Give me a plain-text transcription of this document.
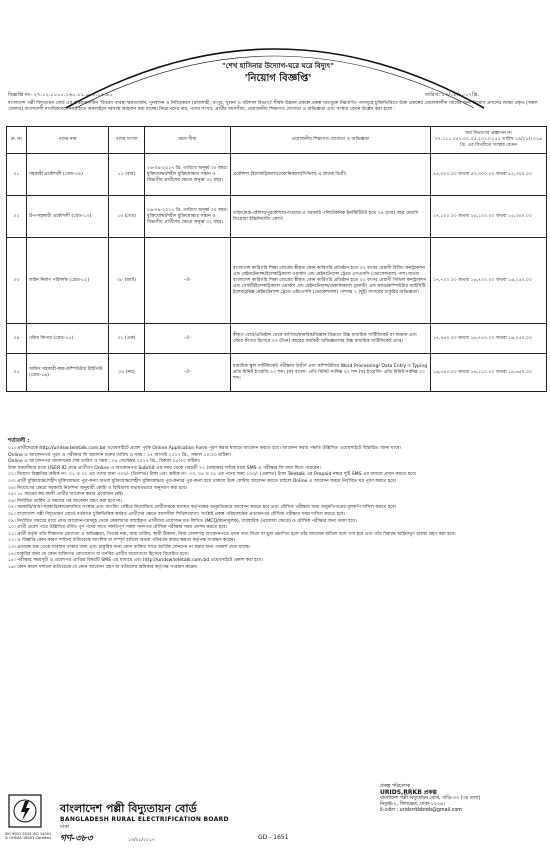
"শেখ হাসিনার উদ্যোগ-ঘরে ঘরে বিদ্যুৎ"
'নিয়োগ বিজ্ঞপ্তি'
বিজ্ঞপ্তি নং- ২৭.১২.০০০০.১৬০.১১.০০২.১৭.৯০	তারিখ: ১৩/০৮/২০১৭খ্রি.
বাংলাদেশ পল্লী বিদ্যুতায়ন বোর্ড এর বাস্তবায়নাধীন 'বিতরণ ব্যবস্থা ক্ষমতাবর্ধন, পুনর্বাসন ও নিবিড়করণ (রাজশাহী, রংপুর, খুলনা ও বরিশাল বিভাগ)' শীর্ষক উন্নয়ন প্রকল্পে প্রকল্প খাতভুক্ত নিম্নবর্ণিত পদসমূহে চুক্তিভিত্তিতে উক্ত প্রকল্পের মেয়াদকালীন সময়ের জন্য নিয়োগ প্রদানের লক্ষ্যে প্রকৃত (সকল জেলার) বাংলাদেশী নাগরিকদের নিকট হতে অনলাইনে দরখাস্ত আহবান করা যাচ্ছে। নিম্নে পদের নাম, পদের সংখ্যা, প্রার্থীর বয়সসীমা, প্রয়োজনীয় শিক্ষাগত যোগ্যতা ও অভিজ্ঞতা এবং সংস্থার বেতন উল্লেখ করা হলো :
ক্র. নং	পদের নাম	পদের সংখ্যা	বয়স সীমা	প্রয়োজনীয় শিক্ষাগত যোগ্যতা ও অভিজ্ঞতা	অর্থ বিভাগের প্রজ্ঞাপন নং ০৭.১১১.০৫১.০০.০৫.২০১৩-১৫২ তারিখ ১৪/০১/২০১৬ খ্রি. এর বিপরীতে সংস্থার বেতন
০১	সহকারী প্রকৌশলী (গ্রেড-০৯)	১২ (বার)	০৬-০৯-২০১৭ খ্রি. তারিখে অনূর্ধ্ব ৩০ বছর। মুক্তিযোদ্ধা/শহীদ মুক্তিযোদ্ধার সন্তান ও বিভাগীয় প্রার্থীদের ক্ষেত্রে অনূর্ধ্ব ৩২ বছর।	প্রকৌশল (ইলেকট্রিক্যাল/মেকানিক্যাল/সিভিল) এ স্নাতক ডিগ্রী।	৫৫,৩০০.০০ অথবা ৫৩,৩০০.০০ অথবা ৫২,৩০০.০০
০২	উপ-সহকারী প্রকৌশলী (গ্রেড-১০)	১৩ (তের)	০৬-০৯-২০১৭ খ্রি. তারিখে অনূর্ধ্ব ৩০ বছর। মুক্তিযোদ্ধা/শহীদ মুক্তিযোদ্ধার সন্তান ও বিভাগীয় প্রার্থীদের ক্ষেত্রে অনূর্ধ্ব ৩২ বছর।	তড়িৎ/যন্ত্র-কৌশল/পুরকৌশল/পাওয়ার এ সরকারি পলিটেকনিক ইনস্টিটিউট হতে ০৪ (চার) বছর মেয়াদি ডিপ্লোমা ইঞ্জিনিয়ারিং কোর্স।	২৭,১০০.০০ অথবা ২৬,১০০.০০ অথবা ২৫,৩০০.০০
০৩	লাইন নির্মাণ পরিদর্শক (গ্রেড-১২)	০৮ (আট)	-ঐ-	বাংলাদেশ কারিগরি শিক্ষা বোর্ডের স্বীকৃত কোন কারিগরি প্রতিষ্ঠান হতে ০২ বৎসর মেয়াদী বিল্ডিং কনস্ট্রাকশন এন্ড মেইনটেন্যান্স/ইলেকট্রিক্যাল ওয়ার্কস এন্ড মেইনটেন্যান্স ট্রেডে এসএসসি (ভোকেশনাল) পাশ। অথবা বাংলাদেশ কারিগরি শিক্ষা বোর্ডের স্বীকৃত কোন কারিগরি প্রতিষ্ঠান হতে ০২ বৎসর মেয়াদী সিভিল কনস্ট্রাকশন এন্ড সেফটি/ইলেকট্রিক্যাল ওয়ার্কস এন্ড মেইনটেন্যান্স/মেকানিক্যাল ড্রাফটিং এন্ড ক্যাড/কম্পিউটার আইসিটি ইলেকট্রনিক্স মেইনটেন্যান্স ট্রেডে এইচএসসি (ভোকেশনাল) পাশসহ ২ (দুই) বৎসরের চাকুরির অভিজ্ঞতা।	১৭,৭০০.০০ অথবা ১৬,৭০০.০০ অথবা ১৬,২৫০.০০
০৪	স্টোর কিপার (গ্রেড-১৫)	০১ (এক)	-ঐ-	স্বীকৃত বোর্ড/প্রতিষ্ঠান থেকে বাণিজ্য/মানবিক/বিজ্ঞান বিভাগে উচ্চ মাধ্যমিক সার্টিফিকেট বা সমমান এবং স্টোর কীপার হিসেবে ০৩ (তিন) বছরের কার্যকরী অভিজ্ঞতাসহ উচ্চ মাধ্যমিক সার্টিফিকেট প্রাপ্ত।	১৭,৭৫০.০০ অথবা ১৬,৭৫০.০০ অথবা ১৬,২৫০.০০
০৫	অফিস সহকারী-কাম-কম্পিউটার টাইপিস্ট (গ্রেড-১৬)	০৯ (নয়)	-ঐ-	মাধ্যমিক স্কুল সার্টিফিকেট পরীক্ষায় উত্তীর্ণ এবং কম্পিউটারে Word Processing/ Data Entry ও Typing প্রতি মিনিট ইংরেজি ২০ শব্দ। (ক) বাংলা- প্রতি মিনিট সর্বনিম্ন ২০ শব্দ (খ) ইংরেজি- প্রতি মিনিট সর্বনিম্ন ২০ শব্দ।	১৬,৫৪০.০০ অথবা ১৬,১১০.০০ অথবা ১৫,৬৫০.০০
শর্তাবলী :
০১। প্রার্থীদেরকে http://uridsw.teletalk.com.bd ওয়েবসাইটে প্রবেশ পূর্বক Online Application Form পূরণ করার মাধ্যমে আবেদন করতে হবে। আবেদন করার পদ্ধতি উল্লিখিত ওয়েবসাইটে বিস্তারিত জানা যাবে।
Online এ আবেদনপত্র পূরণ ও পরীক্ষার ফি জমাদান শুরুর তারিখ ও সময় : ১৭ আগস্ট ২০১৭ খ্রি., সকাল ১০:০০ ঘটিকা।
Online এ আবেদনপত্র জমাদানের শেষ তারিখ ও সময় : ০৬ সেপ্টেম্বর ২০১৭ খ্রি., বিকাল ০৫:০০ ঘটিকা।
উক্ত সময়সীমার মধ্যে USER ID প্রাপ্ত প্রার্থীগণ Online এ আবেদনপত্র Submit এর সময় থেকে পরবর্তী ৭২ (বাহাত্তর) ঘণ্টার মধ্যে SMS এ পরীক্ষার ফি জমা দিতে পারবেন।
০২। নিয়োগ বিজ্ঞপ্তির ক্রমিক নং- ০১ ও ০২ এর পদের জন্য ৩০০/- (তিনশত) টাকা এবং ক্রমিক নং- ০৩, ০৪ ও ০৫ এর পদের জন্য ১০০/- (একশত) টাকা Teletalk এর Prepaid নম্বরে দুটি SMS এর মাধ্যমে প্রদান করতে হবে।
০৩। প্রার্থী মুক্তিযোদ্ধা/শহীদ মুক্তিযোদ্ধার পুত্র-কন্যা অথবা মুক্তিযোদ্ধা/শহীদ মুক্তিযোদ্ধার পুত্র-কন্যার পুত্র-কন্যা হয়ে থাকলে উক্ত কোটায় আবেদন করতে চাইলে Online এ আবেদন ফরমে নির্ধারিত ঘর পূরণ করতে হবে।
০৪। নিয়োগের ক্ষেত্রে সরকারি নির্দেশনা অনুযায়ী কোটা ও বিধিমালা যথাযথভাবে অনুসরণ করা হবে।
০৫। ১৮ বছরের কম বয়সী প্রার্থীর আবেদন করার প্রয়োজন নেই।
০৬। নির্ধারিত তারিখ ও সময়ের পর আবেদন গ্রহণ করা হবে না।
০৭। সরকারি/আধা-সরকারি/স্বায়ত্তশাসিত সংস্থায় এবং ব্যাংকিং সেক্টরে নিয়োজিত প্রার্থীদেরকে যথাযথ কর্তৃপক্ষের অনুমতিক্রমে আবেদন করতে হবে এবং মৌখিক পরীক্ষার সময় অনুমতিপত্রের মূলকপি দাখিল করতে হবে।
০৮। বাংলাদেশ পল্লী বিদ্যুতায়ন বোর্ডে বর্তমানে চুক্তিভিত্তিক কর্মরত প্রার্থীদের ক্ষেত্রে বয়সসীমা শিথিলযোগ্য। সংশ্লিষ্ট প্রকল্প পরিচালকের প্রত্যয়নপত্র মৌখিক পরীক্ষার সময় দাখিল করতে হবে।
০৯। নির্ধারিত সময়ের মধ্যে প্রাপ্ত আবেদনপত্রসমূহ থেকে কেবলমাত্র বাছাইকৃত প্রার্থীদের প্রয়োজন মত লিখিত (MCQ/রচনামূলক), ব্যবহারিক (প্রযোজ্য ক্ষেত্রে) ও মৌখিক পরীক্ষার জন্য ডাকা হবে।
১০। প্রার্থী প্রবেশ পত্রে উল্লিখিত বর্ণিত পূর্ণ পদের সাথে সঙ্গতিপূর্ণ সকল সনদপত্র মৌখিক পরীক্ষার সময় প্রদর্শন করতে হবে।
১১। প্রার্থী কর্তৃক তাঁর শিক্ষাগত যোগ্যতা ও অভিজ্ঞতা, পিতার নাম, জন্ম তারিখ, স্থায়ী ঠিকানা, নিজ জেলাসহ আবেদনপত্রে প্রদত্ত তথ্য মিথ্যা বা ভুল প্রমাণিত হলে তাঁর আবেদন বাতিল বলে গণ্য হবে এবং তাঁর বিরুদ্ধে আইনানুগ ব্যবস্থা গ্রহণ করা হবে।
১২। এ বিজ্ঞপ্তি কোন কারণ দর্শানো ব্যতিরেকে আংশিক বা সম্পূর্ণ বাতিল অথবা পরিবর্তন করার ক্ষমতা কর্তৃপক্ষ সংরক্ষণ করেন।
১৩। প্রতারক চক্র থেকে সাবধান থাকার জন্য এবং চাকুরির জন্য কোন ব্যক্তির সাথে আর্থিক লেনদেন না করার জন্য পরামর্শ দেয়া যাচ্ছে।
১৪। চাকুরির জন্য যে কোন ব্যক্তিগত যোগাযোগ বা তদবির প্রার্থীর অযোগ্যতা হিসেবে বিবেচিত হবে।
১৫। পরীক্ষার সময়সূচী ও প্রবেশপত্র প্রাপ্তির বিষয়টি SMS এর মাধ্যমে এবং http://uridsw.teletalk.com.bd ওয়েবসাইটে প্রকাশ করা হবে।
১৬। কোন কারণ দর্শানো ব্যতিরেকে যে কোন আবেদন গ্রহণ বা বাতিলের অধিকার কর্তৃপক্ষ সংরক্ষণ করেন।
ISO 9001 2015 ISO 14001 & OHSAS 18001 Certified
বাংলাদেশ পল্লী বিদ্যুতায়ন বোর্ড
BANGLADESH RURAL ELECTRIFICATION BOARD
ঢাকা
গণ-৩৮৩	১৩/০৮/২০১৭	GD - 1651
প্রকল্প পরিচালক
URIDS,RRKB প্রকল্প
বাংলাদেশ পল্লী বিদ্যুতায়ন বোর্ড, বাড়ি-৩৩ (৩য় তলা)
নিকুঞ্জ-২, খিলক্ষেত, ঢাকা-১২২৯।
ই-মেইল : uridsrrkbbreb@gmail.com
